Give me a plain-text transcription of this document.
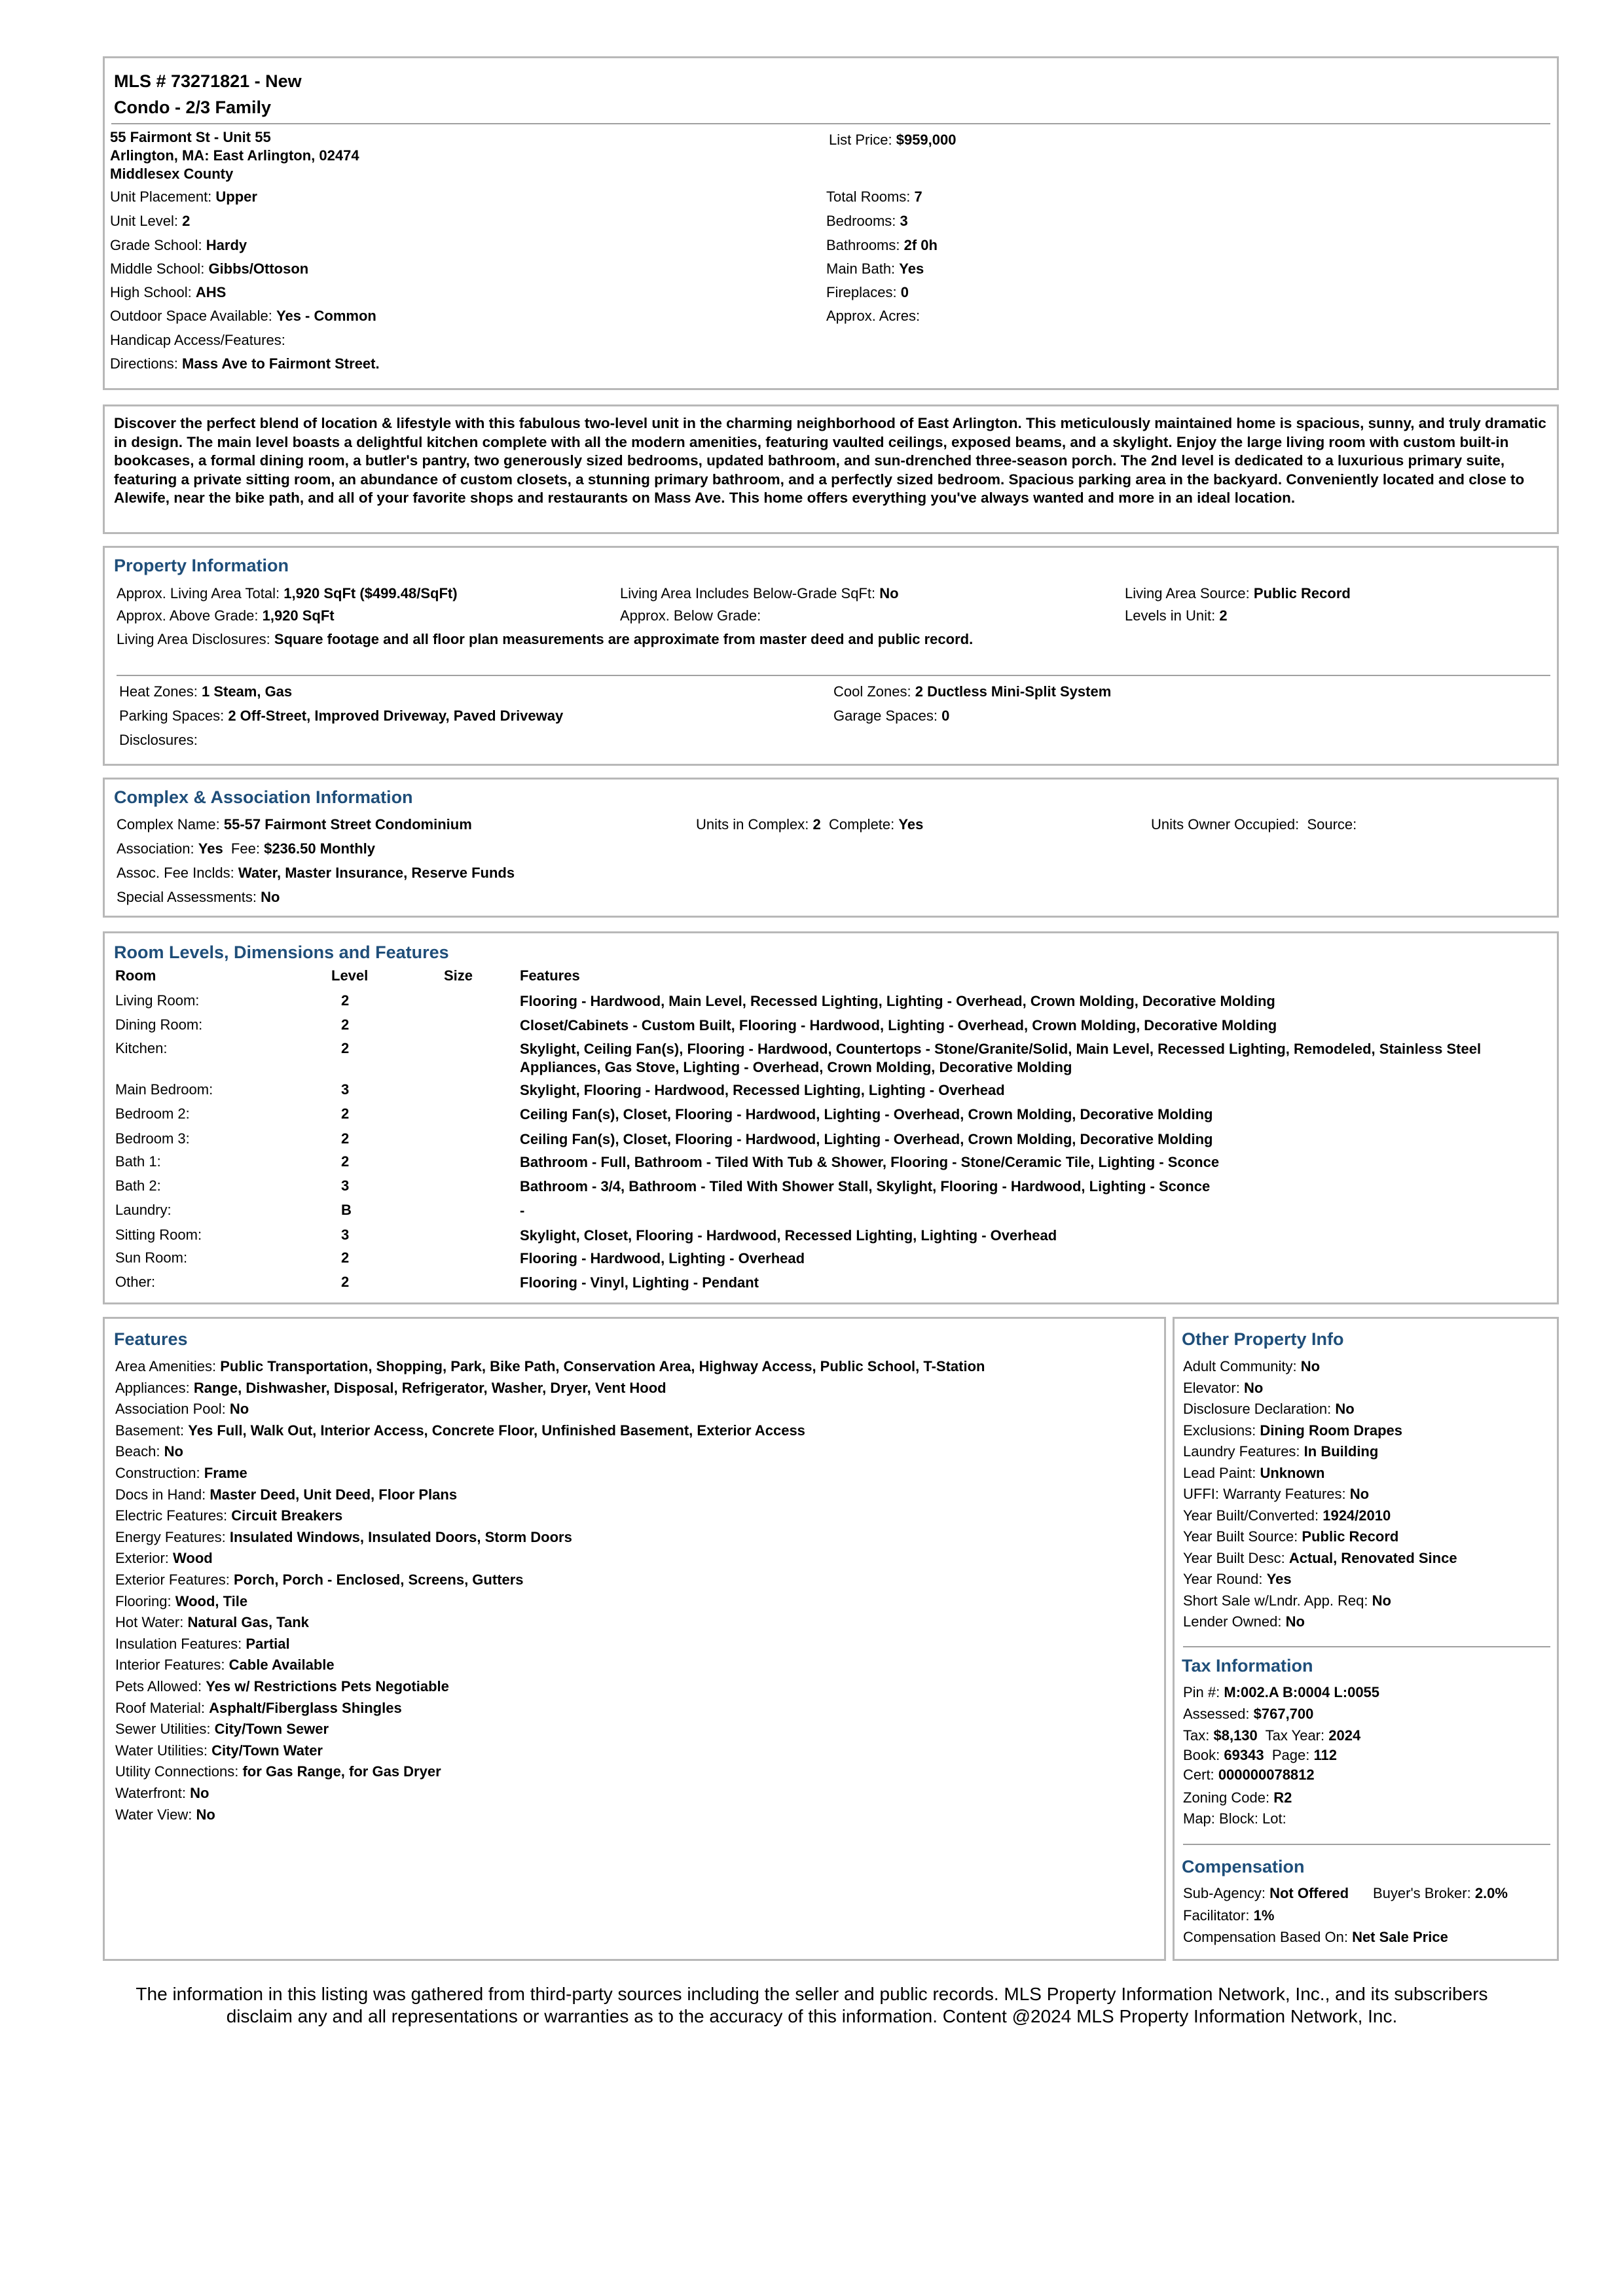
MLS # 73271821 - New
Condo - 2/3 Family
55 Fairmont St - Unit 55
Arlington, MA: East Arlington, 02474
Middlesex County
List Price: $959,000
Unit Placement: Upper
Unit Level: 2
Grade School: Hardy
Middle School: Gibbs/Ottoson
High School: AHS
Outdoor Space Available: Yes - Common
Handicap Access/Features:
Directions: Mass Ave to Fairmont Street.
Total Rooms: 7
Bedrooms: 3
Bathrooms: 2f 0h
Main Bath: Yes
Fireplaces: 0
Approx. Acres:
Discover the perfect blend of location & lifestyle with this fabulous two-level unit in the charming neighborhood of East Arlington. This meticulously maintained home is spacious, sunny, and truly dramatic in design. The main level boasts a delightful kitchen complete with all the modern amenities, featuring vaulted ceilings, exposed beams, and a skylight. Enjoy the large living room with custom built-in bookcases, a formal dining room, a butler's pantry, two generously sized bedrooms, updated bathroom, and sun-drenched three-season porch. The 2nd level is dedicated to a luxurious primary suite, featuring a private sitting room, an abundance of custom closets, a stunning primary bathroom, and a perfectly sized bedroom. Spacious parking area in the backyard. Conveniently located and close to Alewife, near the bike path, and all of your favorite shops and restaurants on Mass Ave. This home offers everything you've always wanted and more in an ideal location.
Property Information
Approx. Living Area Total: 1,920 SqFt ($499.48/SqFt)	Living Area Includes Below-Grade SqFt: No	Living Area Source: Public Record
Approx. Above Grade: 1,920 SqFt	Approx. Below Grade:	Levels in Unit: 2
Living Area Disclosures: Square footage and all floor plan measurements are approximate from master deed and public record.
Heat Zones: 1 Steam, Gas	Cool Zones: 2 Ductless Mini-Split System
Parking Spaces: 2 Off-Street, Improved Driveway, Paved Driveway	Garage Spaces: 0
Disclosures:
Complex & Association Information
Complex Name: 55-57 Fairmont Street Condominium	Units in Complex: 2 Complete: Yes	Units Owner Occupied: Source:
Association: Yes Fee: $236.50 Monthly
Assoc. Fee Inclds: Water, Master Insurance, Reserve Funds
Special Assessments: No
Room Levels, Dimensions and Features
Room	Level	Size	Features
Living Room:	2	Flooring - Hardwood, Main Level, Recessed Lighting, Lighting - Overhead, Crown Molding, Decorative Molding
Dining Room:	2	Closet/Cabinets - Custom Built, Flooring - Hardwood, Lighting - Overhead, Crown Molding, Decorative Molding
Kitchen:	2	Skylight, Ceiling Fan(s), Flooring - Hardwood, Countertops - Stone/Granite/Solid, Main Level, Recessed Lighting, Remodeled, Stainless Steel Appliances, Gas Stove, Lighting - Overhead, Crown Molding, Decorative Molding
Main Bedroom:	3	Skylight, Flooring - Hardwood, Recessed Lighting, Lighting - Overhead
Bedroom 2:	2	Ceiling Fan(s), Closet, Flooring - Hardwood, Lighting - Overhead, Crown Molding, Decorative Molding
Bedroom 3:	2	Ceiling Fan(s), Closet, Flooring - Hardwood, Lighting - Overhead, Crown Molding, Decorative Molding
Bath 1:	2	Bathroom - Full, Bathroom - Tiled With Tub & Shower, Flooring - Stone/Ceramic Tile, Lighting - Sconce
Bath 2:	3	Bathroom - 3/4, Bathroom - Tiled With Shower Stall, Skylight, Flooring - Hardwood, Lighting - Sconce
Laundry:	B	-
Sitting Room:	3	Skylight, Closet, Flooring - Hardwood, Recessed Lighting, Lighting - Overhead
Sun Room:	2	Flooring - Hardwood, Lighting - Overhead
Other:	2	Flooring - Vinyl, Lighting - Pendant
Features
Area Amenities: Public Transportation, Shopping, Park, Bike Path, Conservation Area, Highway Access, Public School, T-Station
Appliances: Range, Dishwasher, Disposal, Refrigerator, Washer, Dryer, Vent Hood
Association Pool: No
Basement: Yes Full, Walk Out, Interior Access, Concrete Floor, Unfinished Basement, Exterior Access
Beach: No
Construction: Frame
Docs in Hand: Master Deed, Unit Deed, Floor Plans
Electric Features: Circuit Breakers
Energy Features: Insulated Windows, Insulated Doors, Storm Doors
Exterior: Wood
Exterior Features: Porch, Porch - Enclosed, Screens, Gutters
Flooring: Wood, Tile
Hot Water: Natural Gas, Tank
Insulation Features: Partial
Interior Features: Cable Available
Pets Allowed: Yes w/ Restrictions Pets Negotiable
Roof Material: Asphalt/Fiberglass Shingles
Sewer Utilities: City/Town Sewer
Water Utilities: City/Town Water
Utility Connections: for Gas Range, for Gas Dryer
Waterfront: No
Water View: No
Other Property Info
Adult Community: No
Elevator: No
Disclosure Declaration: No
Exclusions: Dining Room Drapes
Laundry Features: In Building
Lead Paint: Unknown
UFFI: Warranty Features: No
Year Built/Converted: 1924/2010
Year Built Source: Public Record
Year Built Desc: Actual, Renovated Since
Year Round: Yes
Short Sale w/Lndr. App. Req: No
Lender Owned: No
Tax Information
Pin #: M:002.A B:0004 L:0055
Assessed: $767,700
Tax: $8,130 Tax Year: 2024
Book: 69343 Page: 112
Cert: 000000078812
Zoning Code: R2
Map: Block: Lot:
Compensation
Sub-Agency: Not Offered Buyer's Broker: 2.0%
Facilitator: 1%
Compensation Based On: Net Sale Price
The information in this listing was gathered from third-party sources including the seller and public records. MLS Property Information Network, Inc., and its subscribers disclaim any and all representations or warranties as to the accuracy of this information. Content @2024 MLS Property Information Network, Inc.
